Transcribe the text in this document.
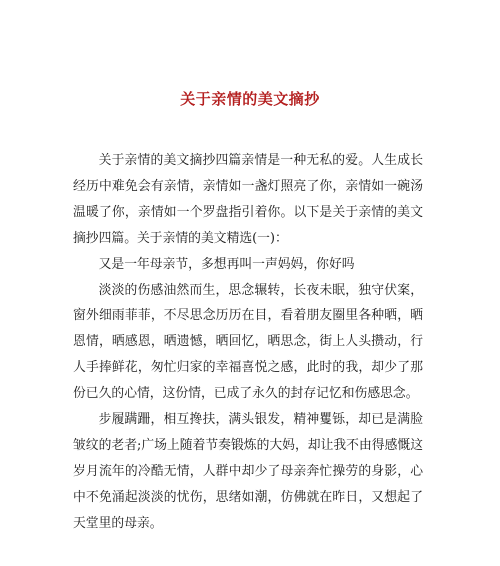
关于亲情的美文摘抄

关于亲情的美文摘抄四篇亲情是一种无私的爱。人生成长经历中难免会有亲情，亲情如一盏灯照亮了你，亲情如一碗汤温暖了你，亲情如一个罗盘指引着你。以下是关于亲情的美文摘抄四篇。关于亲情的美文精选(一)：

又是一年母亲节，多想再叫一声妈妈，你好吗

淡淡的伤感油然而生，思念辗转，长夜未眠，独守伏案，窗外细雨菲菲，不尽思念历历在目，看着朋友圈里各种晒，晒恩情，晒感恩，晒遗憾，晒回忆，晒思念，街上人头攒动，行人手捧鲜花，匆忙归家的幸福喜悦之感，此时的我，却少了那份已久的心情，这份情，已成了永久的封存记忆和伤感思念。

步履蹒跚，相互搀扶，满头银发，精神矍铄，却已是满脸皱纹的老者;广场上随着节奏锻炼的大妈，却让我不由得感慨这岁月流年的冷酷无情，人群中却少了母亲奔忙操劳的身影，心中不免涌起淡淡的忧伤，思绪如潮，仿佛就在昨日，又想起了天堂里的母亲。
